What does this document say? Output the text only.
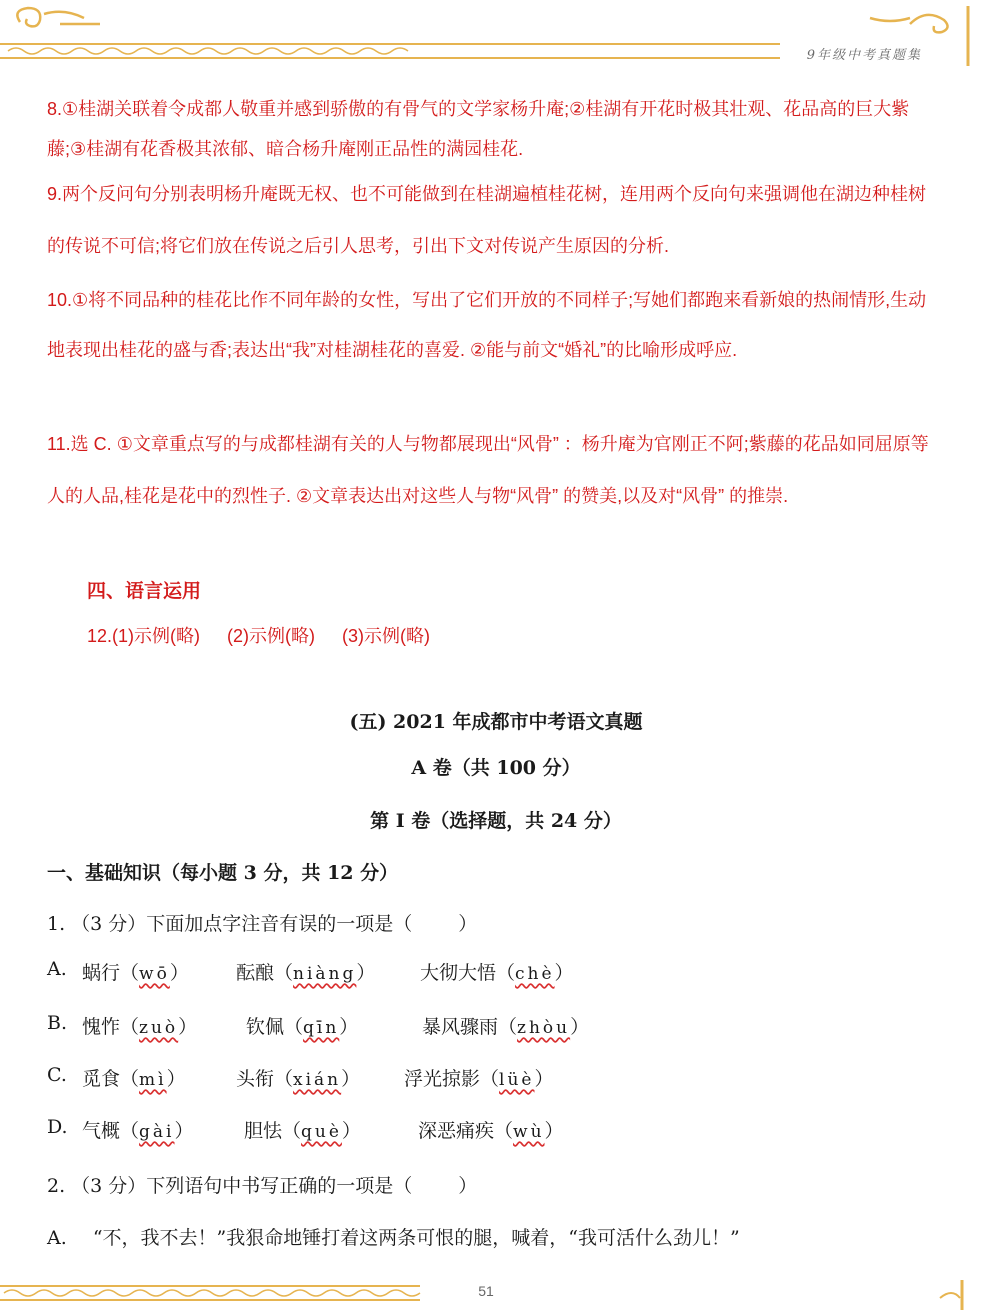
9年级中考真题集

8.①桂湖关联着令成都人敬重并感到骄傲的有骨气的文学家杨升庵;②桂湖有开花时极其壮观、花品高的巨大紫藤;③桂湖有花香极其浓郁、暗合杨升庵刚正品性的满园桂花.

9.两个反问句分别表明杨升庵既无权、也不可能做到在桂湖遍植桂花树，连用两个反向句来强调他在湖边种桂树的传说不可信;将它们放在传说之后引人思考，引出下文对传说产生原因的分析.

10.①将不同品种的桂花比作不同年龄的女性，写出了它们开放的不同样子;写她们都跑来看新娘的热闹情形,生动地表现出桂花的盛与香;表达出“我”对桂湖桂花的喜爱. ②能与前文“婚礼”的比喻形成呼应.

11.选 C. ①文章重点写的与成都桂湖有关的人与物都展现出“风骨” ：杨升庵为官刚正不阿;紫藤的花品如同屈原等人的人品,桂花是花中的烈性子. ②文章表达出对这些人与物“风骨” 的赞美,以及对“风骨” 的推崇.

四、语言运用
12.(1)示例(略) (2)示例(略) (3)示例(略)
(五) 2021 年成都市中考语文真题
A 卷（共 100 分）
第 I 卷（选择题，共 24 分）
一、基础知识（每小题 3 分，共 12 分）
1. （3 分）下面加点字注音有误的一项是（ ）
A. 蜗行（wō） 酝酿（niàng） 大彻大悟（chè）
B. 愧怍（zuò）	钦佩（qīn）	暴风骤雨（zhòu）
C. 觅食（mì）	头衔（xián） 浮光掠影（lüè）
D. 气概（gài）	胆怯（què）	深恶痛疾（wù）
2. （3 分）下列语句中书写正确的一项是（ ）
A. “不，我不去！”我狠命地锤打着这两条可恨的腿，喊着，“我可活什么劲儿！”
51
